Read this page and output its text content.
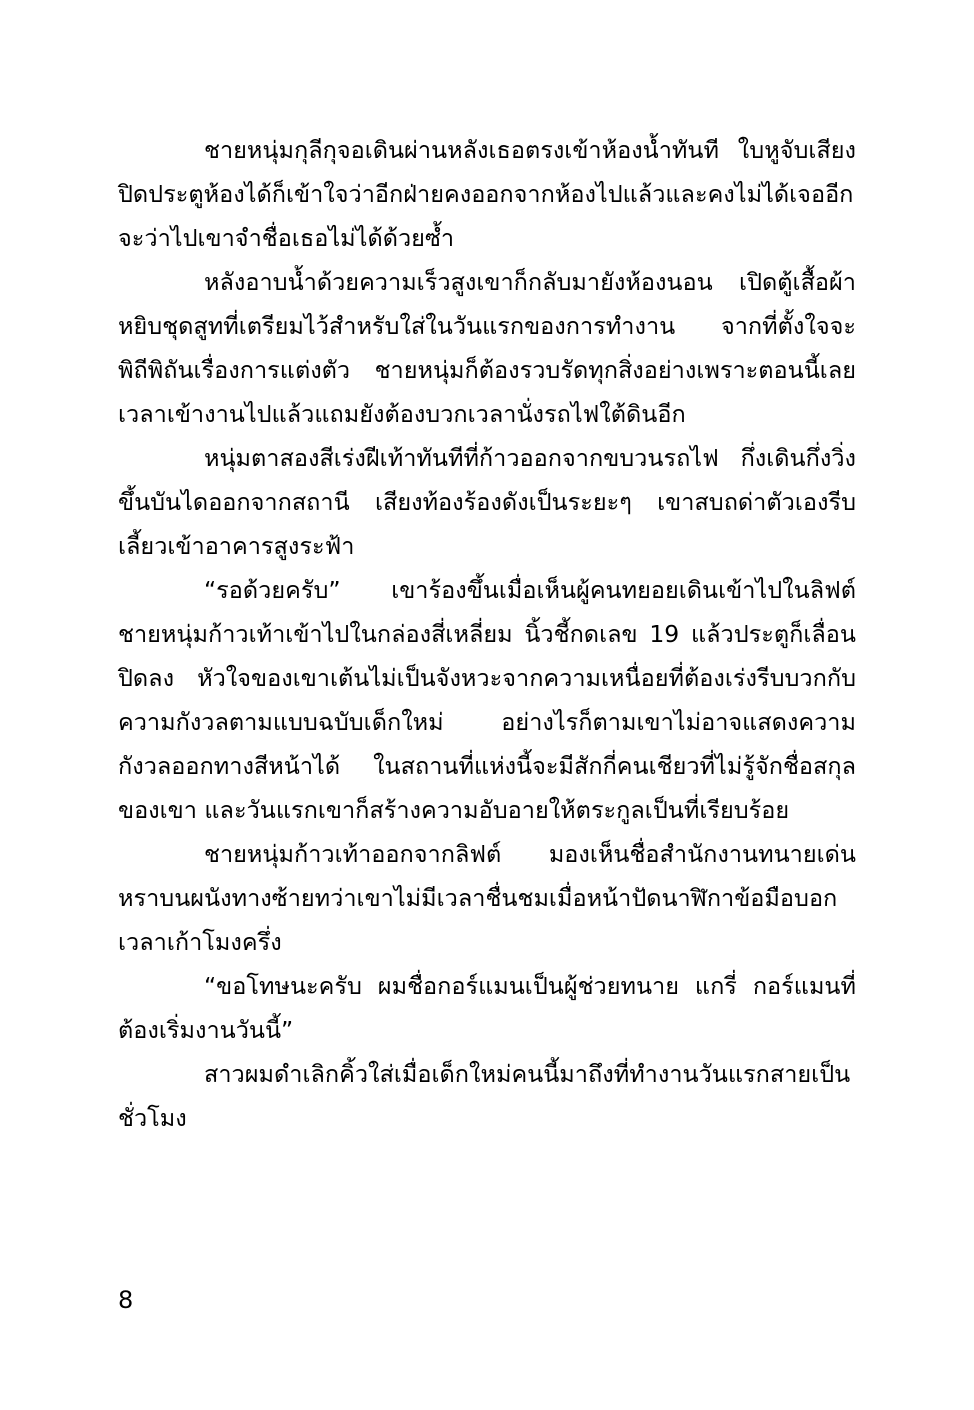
ชายหนุ่มกุลีกุจอเดินผ่านหลังเธอตรงเข้าห้องน้ำทันที ใบหูจับเสียงปิดประตูห้องได้ก็เข้าใจว่าอีกฝ่ายคงออกจากห้องไปแล้วและคงไม่ได้เจออีก จะว่าไปเขาจำชื่อเธอไม่ได้ด้วยซ้ำ

หลังอาบน้ำด้วยความเร็วสูงเขาก็กลับมายังห้องนอน เปิดตู้เสื้อผ้าหยิบชุดสูทที่เตรียมไว้สำหรับใส่ในวันแรกของการทำงาน จากที่ตั้งใจจะพิถีพิถันเรื่องการแต่งตัว ชายหนุ่มก็ต้องรวบรัดทุกสิ่งอย่างเพราะตอนนี้เลยเวลาเข้างานไปแล้วแถมยังต้องบวกเวลานั่งรถไฟใต้ดินอีก

หนุ่มตาสองสีเร่งฝีเท้าทันทีที่ก้าวออกจากขบวนรถไฟ กึ่งเดินกึ่งวิ่งขึ้นบันไดออกจากสถานี เสียงท้องร้องดังเป็นระยะๆ เขาสบถด่าตัวเองรีบเลี้ยวเข้าอาคารสูงระฟ้า

“รอด้วยครับ” เขาร้องขึ้นเมื่อเห็นผู้คนทยอยเดินเข้าไปในลิฟต์ ชายหนุ่มก้าวเท้าเข้าไปในกล่องสี่เหลี่ยม นิ้วชี้กดเลข 19 แล้วประตูก็เลื่อนปิดลง หัวใจของเขาเต้นไม่เป็นจังหวะจากความเหนื่อยที่ต้องเร่งรีบบวกกับความกังวลตามแบบฉบับเด็กใหม่ อย่างไรก็ตามเขาไม่อาจแสดงความกังวลออกทางสีหน้าได้ ในสถานที่แห่งนี้จะมีสักกี่คนเชียวที่ไม่รู้จักชื่อสกุลของเขา และวันแรกเขาก็สร้างความอับอายให้ตระกูลเป็นที่เรียบร้อย

ชายหนุ่มก้าวเท้าออกจากลิฟต์ มองเห็นชื่อสำนักงานทนายเด่นหราบนผนังทางซ้ายทว่าเขาไม่มีเวลาชื่นชมเมื่อหน้าปัดนาฬิกาข้อมือบอกเวลาเก้าโมงครึ่ง

“ขอโทษนะครับ ผมชื่อกอร์แมนเป็นผู้ช่วยทนาย แกรี่ กอร์แมนที่ต้องเริ่มงานวันนี้”

สาวผมดำเลิกคิ้วใส่เมื่อเด็กใหม่คนนี้มาถึงที่ทำงานวันแรกสายเป็นชั่วโมง

8
